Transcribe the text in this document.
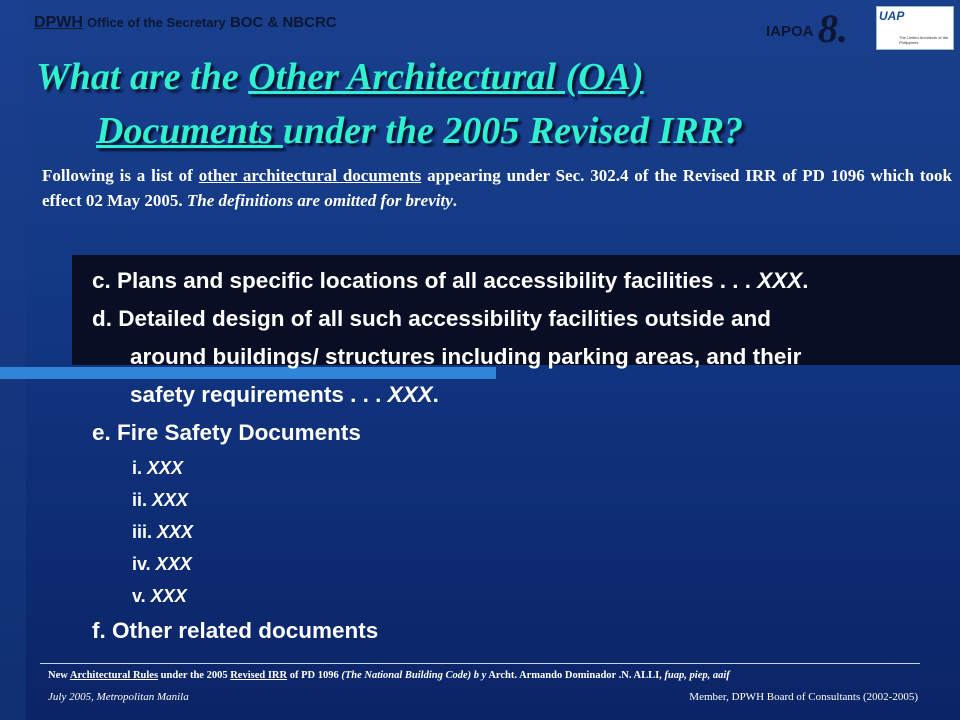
DPWH Office of the Secretary BOC & NBCRC
IAPOA 8.	UAP
The United Architects of the Philippines
What are the Other Architectural (OA)
Documents under the 2005 Revised IRR?
Following is a list of other architectural documents appearing under Sec. 302.4 of the Revised IRR of PD 1096 which took effect 02 May 2005. The definitions are omitted for brevity.
c. Plans and specific locations of all accessibility facilities . . . XXX.
d. Detailed design of all such accessibility facilities outside and
around buildings/ structures including parking areas, and their
safety requirements . . . XXX.
e. Fire Safety Documents
i. XXX
ii. XXX
iii. XXX
iv. XXX
v. XXX
f. Other related documents
New Architectural Rules under the 2005 Revised IRR of PD 1096 (The National Building Code) b y Archt. Armando Dominador .N. ALLI, fuap, piep, aaif
July 2005, Metropolitan Manila	Member, DPWH Board of Consultants (2002-2005)
